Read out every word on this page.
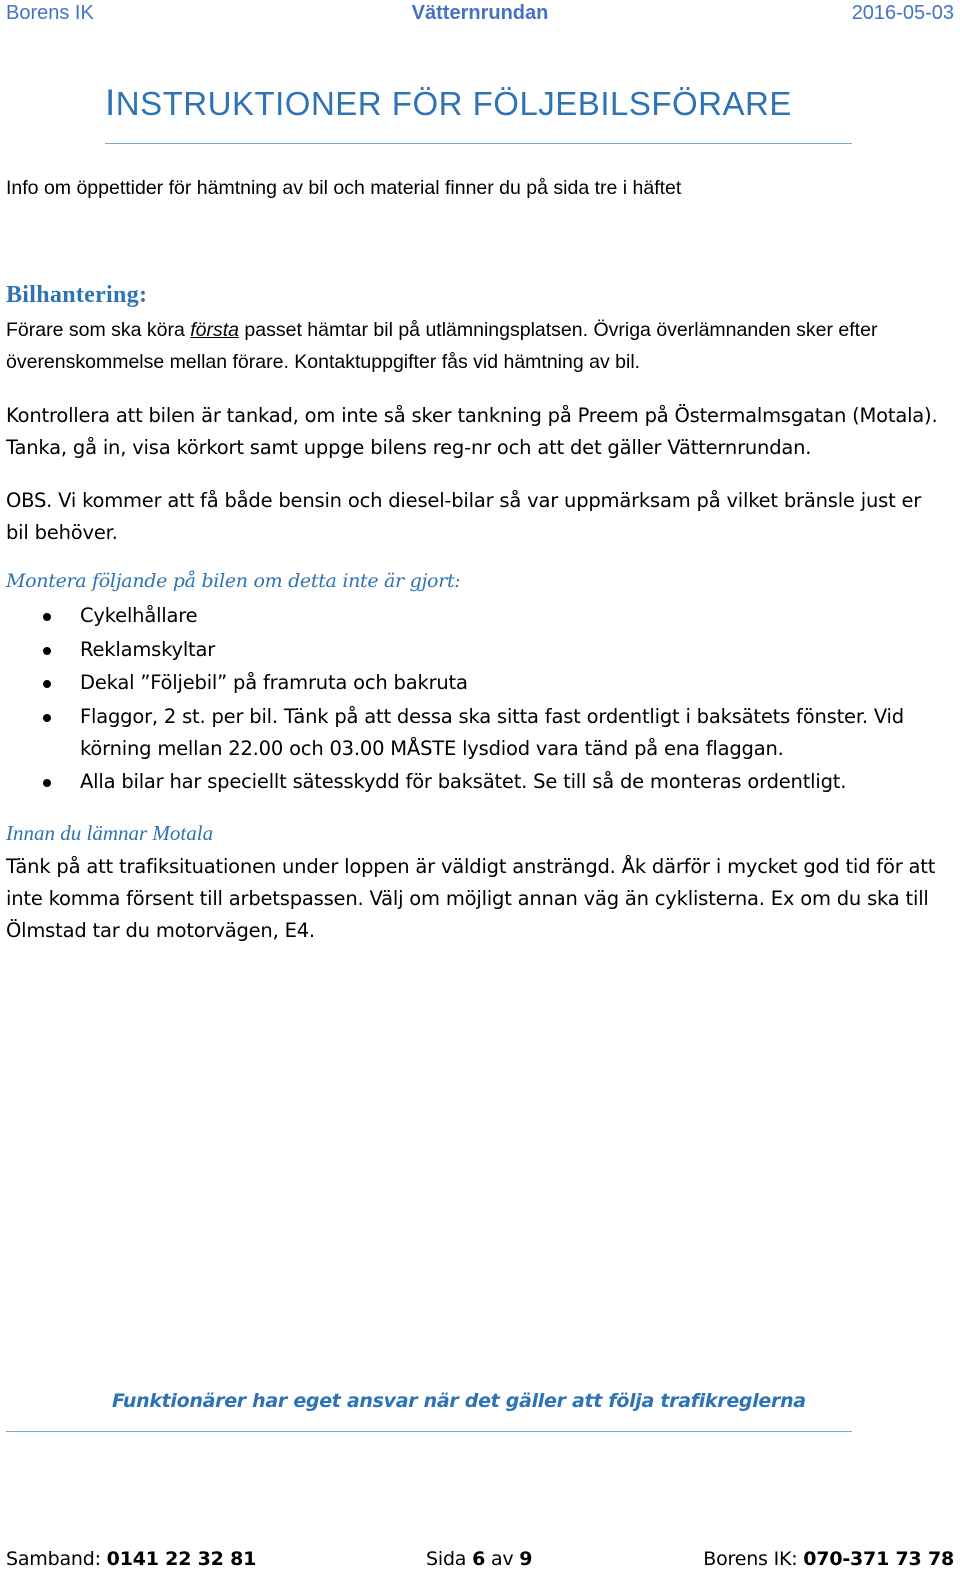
Borens IK	Vätternrundan	2016-05-03
INSTRUKTIONER FÖR FÖLJEBILSFÖRARE
Info om öppettider för hämtning av bil och material finner du på sida tre i häftet
Bilhantering:
Förare som ska köra första passet hämtar bil på utlämningsplatsen. Övriga överlämnanden sker efter överenskommelse mellan förare. Kontaktuppgifter fås vid hämtning av bil.
Kontrollera att bilen är tankad, om inte så sker tankning på Preem på Östermalmsgatan (Motala). Tanka, gå in, visa körkort samt uppge bilens reg-nr och att det gäller Vätternrundan.
OBS. Vi kommer att få både bensin och diesel-bilar så var uppmärksam på vilket bränsle just er bil behöver.
Montera följande på bilen om detta inte är gjort:
Cykelhållare
Reklamskyltar
Dekal ”Följebil” på framruta och bakruta
Flaggor, 2 st. per bil. Tänk på att dessa ska sitta fast ordentligt i baksätets fönster. Vid körning mellan 22.00 och 03.00 MÅSTE lysdiod vara tänd på ena flaggan.
Alla bilar har speciellt sätesskydd för baksätet. Se till så de monteras ordentligt.
Innan du lämnar Motala
Tänk på att trafiksituationen under loppen är väldigt ansträngd. Åk därför i mycket god tid för att inte komma försent till arbetspassen. Välj om möjligt annan väg än cyklisterna. Ex om du ska till Ölmstad tar du motorvägen, E4.
Funktionärer har eget ansvar när det gäller att följa trafikreglerna
Samband: 0141 22 32 81	Sida 6 av 9	Borens IK: 070-371 73 78
